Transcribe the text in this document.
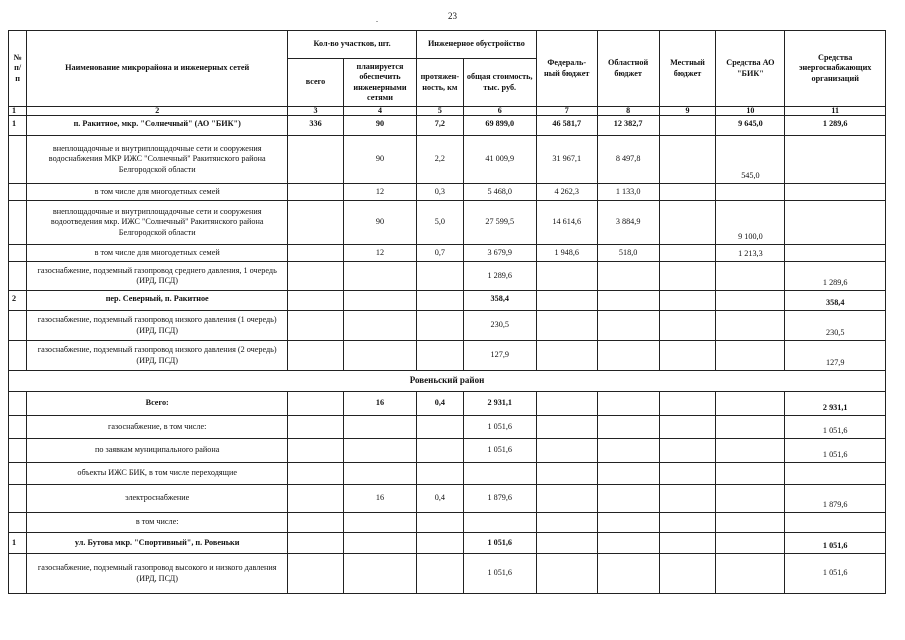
23
.
№ п/п	Наименование микрорайона и инженерных сетей	Кол-во участков, шт.		Инженерное обустройство		Федераль-ный бюджет	Областной бюджет	Местный бюджет	Средства АО "БИК"	Средства энергоснабжающих организаций
		всего	планируется обеспечить инженерными сетями	протяжен-ность, км	общая стоимость, тыс. руб.					
1	2	3	4	5	6	7	8	9	10	11
1	п. Ракитное, мкр. "Солнечный" (АО "БИК")	336	90	7,2	69 899,0	46 581,7	12 382,7		9 645,0	1 289,6
	внеплощадочные и внутриплощадочные сети и сооружения водоснабжения МКР ИЖС "Солнечный" Ракитянского района Белгородской области		90	2,2	41 009,9	31 967,1	8 497,8		545,0	
	в том числе для многодетных семей		12	0,3	5 468,0	4 262,3	1 133,0			
	внеплощадочные и внутриплощадочные сети и сооружения водоотведения мкр. ИЖС "Солнечный" Ракитянского района Белгородской области		90	5,0	27 599,5	14 614,6	3 884,9		9 100,0	
	в том числе для многодетных семей		12	0,7	3 679,9	1 948,6	518,0		1 213,3	
	газоснабжение, подземный газопровод среднего давления, 1 очередь (ИРД, ПСД)				1 289,6					1 289,6
2	пер. Северный, п. Ракитное				358,4					358,4
	газоснабжение, подземный газопровод низкого давления (1 очередь) (ИРД, ПСД)				230,5					230,5
	газоснабжение, подземный газопровод низкого давления (2 очередь) (ИРД, ПСД)				127,9					127,9
Ровеньский район										
	Всего:		16	0,4	2 931,1					2 931,1
	газоснабжение, в том числе:				1 051,6					1 051,6
	по заявкам муниципального района				1 051,6					1 051,6
	объекты ИЖС БИК, в том числе переходящие									
	электроснабжение		16	0,4	1 879,6					1 879,6
	в том числе:									
1	ул. Бутова мкр. "Спортивный", п. Ровеньки				1 051,6					1 051,6
	газоснабжение, подземный газопровод высокого и низкого давления (ИРД, ПСД)				1 051,6					1 051,6
